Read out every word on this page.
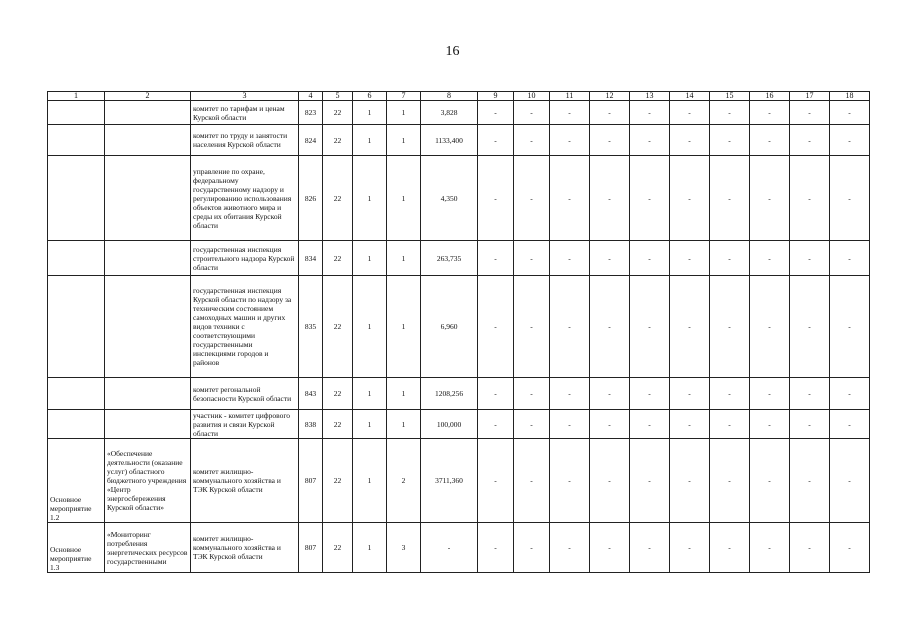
16
1	2	3	4	5	6	7	8	9	10	11	12	13	14	15	16	17	18
		комитет по тарифам и ценам Курской области	823	22	1	1	3,828	-	-	-	-	-	-	-	-	-	-
		комитет по труду и занятости населения Курской области	824	22	1	1	1133,400	-	-	-	-	-	-	-	-	-	-
		управление по охране, федеральному государственному надзору и регулированию использования объектов животного мира и среды их обитания Курской области	826	22	1	1	4,350	-	-	-	-	-	-	-	-	-	-
		государственная инспекция строительного надзора Курской области	834	22	1	1	263,735	-	-	-	-	-	-	-	-	-	-
		государственная инспекция Курской области по надзору за техническим состоянием самоходных машин и других видов техники с соответствующими государственными инспекциями городов и районов	835	22	1	1	6,960	-	-	-	-	-	-	-	-	-	-
		комитет регональной безопасности Курской области	843	22	1	1	1208,256	-	-	-	-	-	-	-	-	-	-
		участник - комитет цифрового развития и связи Курской области	838	22	1	1	100,000	-	-	-	-	-	-	-	-	-	-
Основное мероприятие 1.2	«Обеспечение деятельности (оказание услуг) областного бюджетного учреждения «Центр энергосбережения Курской области»	комитет жилищно-коммунального хозяйства и ТЭК Курской области	807	22	1	2	3711,360	-	-	-	-	-	-	-	-	-	-
Основное мероприятие 1.3	«Мониторинг потребления энергетических ресурсов государственными	комитет жилищно-коммунального хозяйства и ТЭК Курской области	807	22	1	3	-	-	-	-	-	-	-	-	-	-	-
